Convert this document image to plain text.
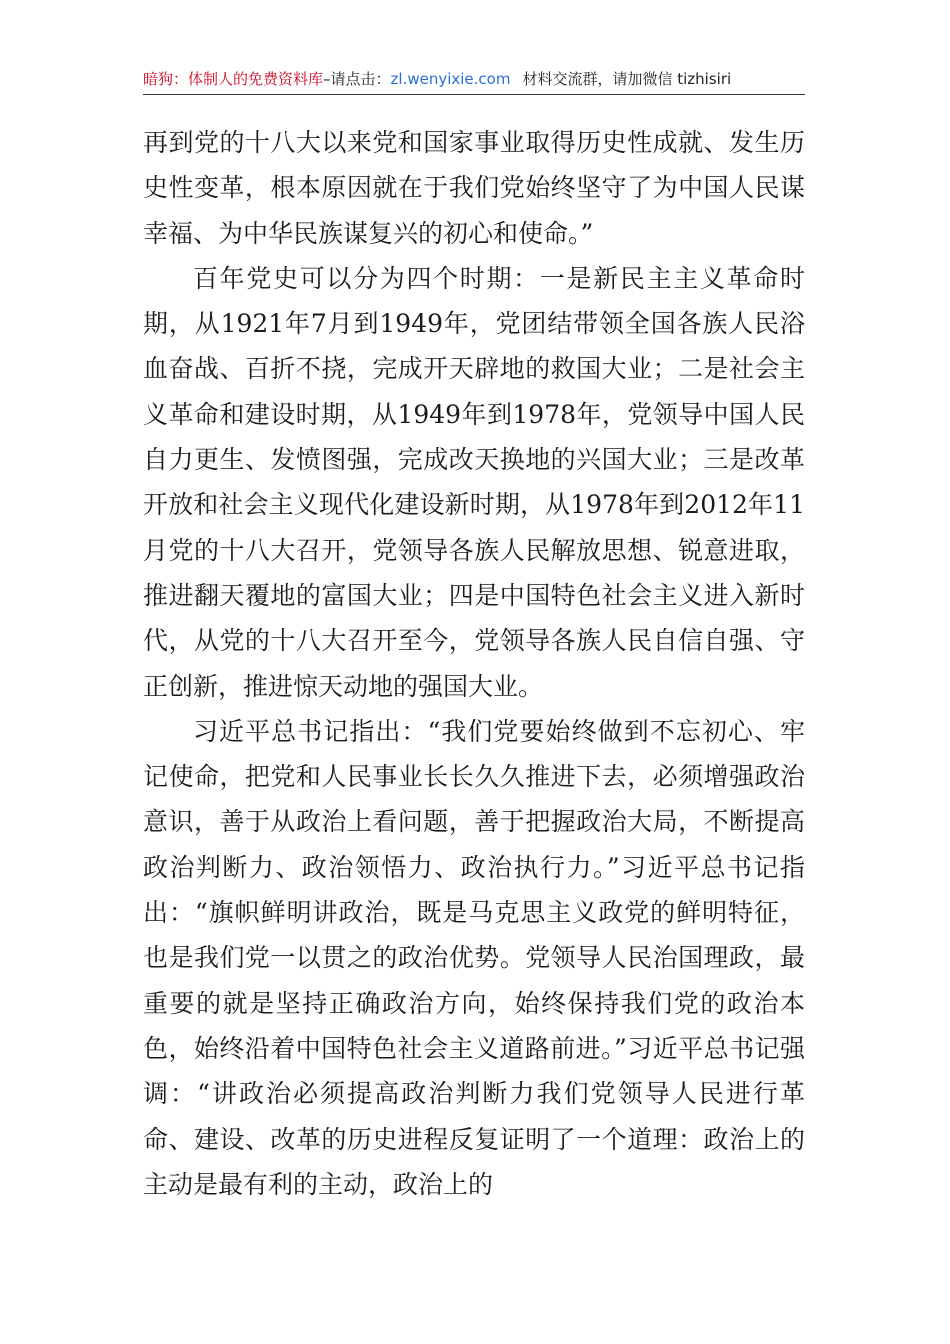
暗狗：体制人的免费资料库–请点击：zl.wenyixie.com 材料交流群，请加微信 tizhisiri

再到党的十八大以来党和国家事业取得历史性成就、发生历史性变革，根本原因就在于我们党始终坚守了为中国人民谋幸福、为中华民族谋复兴的初心和使命。”

百年党史可以分为四个时期：一是新民主主义革命时期，从1921年7月到1949年，党团结带领全国各族人民浴血奋战、百折不挠，完成开天辟地的救国大业；二是社会主义革命和建设时期，从1949年到1978年，党领导中国人民自力更生、发愤图强，完成改天换地的兴国大业；三是改革开放和社会主义现代化建设新时期，从1978年到2012年11月党的十八大召开，党领导各族人民解放思想、锐意进取，推进翻天覆地的富国大业；四是中国特色社会主义进入新时代，从党的十八大召开至今，党领导各族人民自信自强、守正创新，推进惊天动地的强国大业。

习近平总书记指出：“我们党要始终做到不忘初心、牢记使命，把党和人民事业长长久久推进下去，必须增强政治意识，善于从政治上看问题，善于把握政治大局，不断提高政治判断力、政治领悟力、政治执行力。”习近平总书记指出：“旗帜鲜明讲政治，既是马克思主义政党的鲜明特征，也是我们党一以贯之的政治优势。党领导人民治国理政，最重要的就是坚持正确政治方向，始终保持我们党的政治本色，始终沿着中国特色社会主义道路前进。”习近平总书记强调：“讲政治必须提高政治判断力我们党领导人民进行革命、建设、改革的历史进程反复证明了一个道理：政治上的主动是最有利的主动，政治上的
